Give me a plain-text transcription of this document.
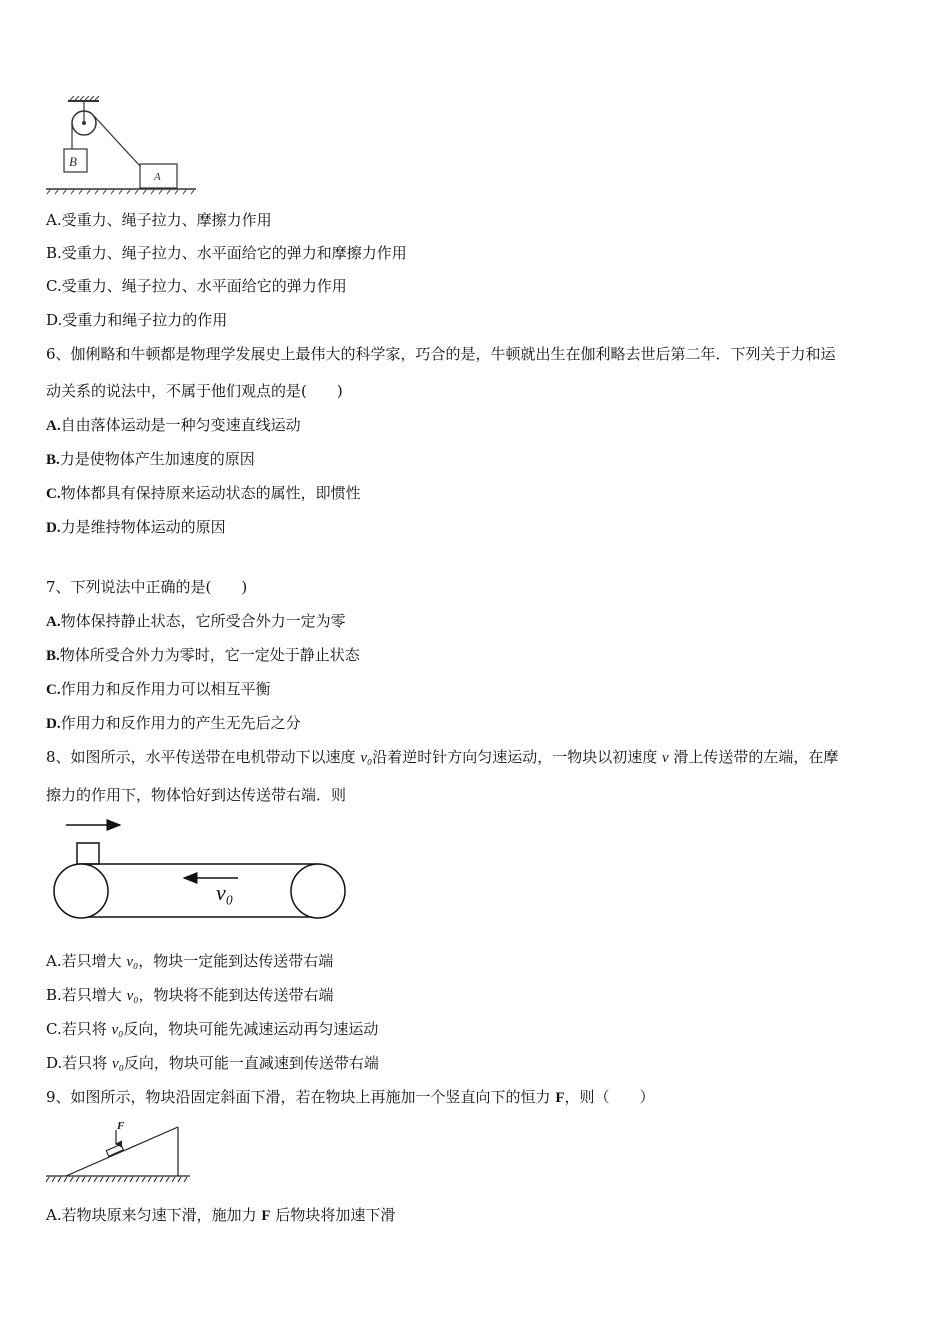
B
A
A.受重力、绳子拉力、摩擦力作用
B.受重力、绳子拉力、水平面给它的弹力和摩擦力作用
C.受重力、绳子拉力、水平面给它的弹力作用
D.受重力和绳子拉力的作用
6、伽俐略和牛顿都是物理学发展史上最伟大的科学家，巧合的是，牛顿就出生在伽利略去世后第二年．下列关于力和运
动关系的说法中，不属于他们观点的是(　　)
A.自由落体运动是一种匀变速直线运动
B.力是使物体产生加速度的原因
C.物体都具有保持原来运动状态的属性，即惯性
D.力是维持物体运动的原因
7、下列说法中正确的是(　　)
A.物体保持静止状态，它所受合外力一定为零
B.物体所受合外力为零时，它一定处于静止状态
C.作用力和反作用力可以相互平衡
D.作用力和反作用力的产生无先后之分
8、如图所示，水平传送带在电机带动下以速度 v₀沿着逆时针方向匀速运动，一物块以初速度 v 滑上传送带的左端，在摩
擦力的作用下，物体恰好到达传送带右端．则
v₀
A.若只增大 v₀，物块一定能到达传送带右端
B.若只增大 v₀，物块将不能到达传送带右端
C.若只将 v₀反向，物块可能先减速运动再匀速运动
D.若只将 v₀反向，物块可能一直减速到传送带右端
9、如图所示，物块沿固定斜面下滑，若在物块上再施加一个竖直向下的恒力 F，则（　　）
F
A.若物块原来匀速下滑，施加力 F 后物块将加速下滑
